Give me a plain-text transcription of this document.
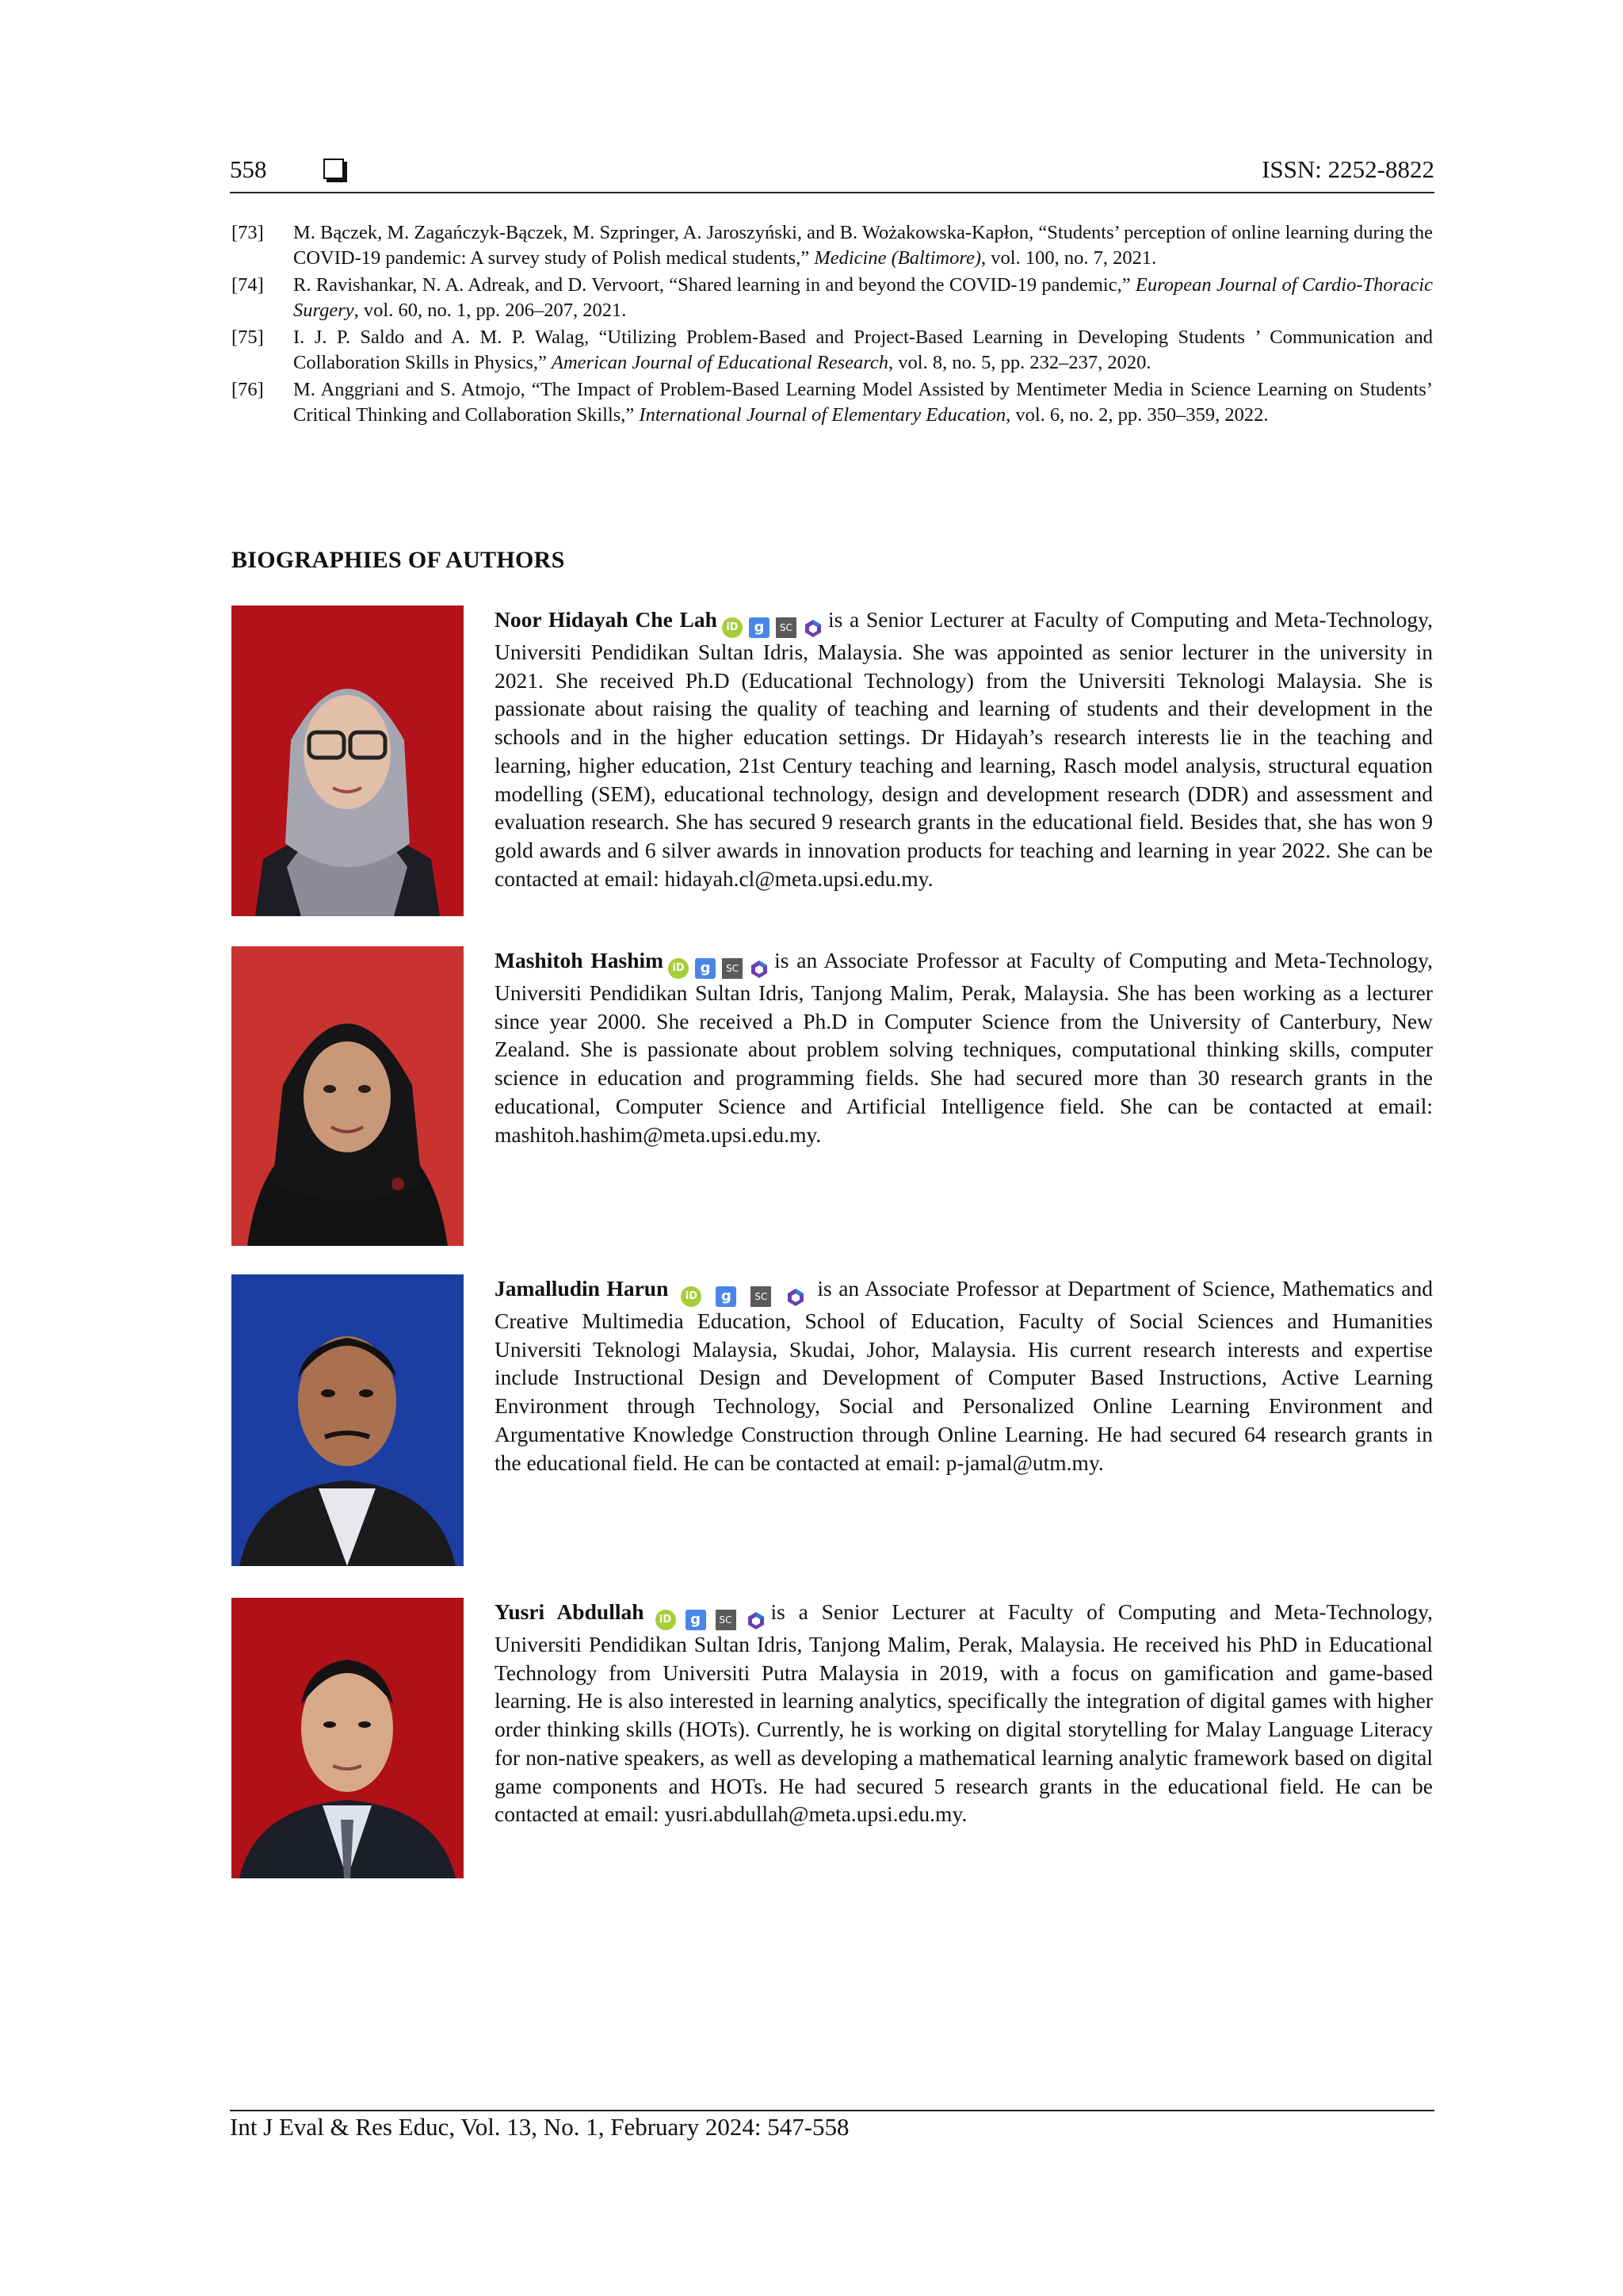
558	ISSN: 2252-8822
[73]	M. Bączek, M. Zagańczyk-Bączek, M. Szpringer, A. Jaroszyński, and B. Wożakowska-Kapłon, “Students’ perception of online learning during the COVID-19 pandemic: A survey study of Polish medical students,” Medicine (Baltimore), vol. 100, no. 7, 2021.
[74]	R. Ravishankar, N. A. Adreak, and D. Vervoort, “Shared learning in and beyond the COVID-19 pandemic,” European Journal of Cardio-Thoracic Surgery, vol. 60, no. 1, pp. 206–207, 2021.
[75]	I. J. P. Saldo and A. M. P. Walag, “Utilizing Problem-Based and Project-Based Learning in Developing Students ’ Communication and Collaboration Skills in Physics,” American Journal of Educational Research, vol. 8, no. 5, pp. 232–237, 2020.
[76]	M. Anggriani and S. Atmojo, “The Impact of Problem-Based Learning Model Assisted by Mentimeter Media in Science Learning on Students’ Critical Thinking and Collaboration Skills,” International Journal of Elementary Education, vol. 6, no. 2, pp. 350–359, 2022.
BIOGRAPHIES OF AUTHORS
Noor Hidayah Che Lah iD	g	SC is a Senior Lecturer at Faculty of Computing and Meta-Technology, Universiti Pendidikan Sultan Idris, Malaysia. She was appointed as senior lecturer in the university in 2021. She received Ph.D (Educational Technology) from the Universiti Teknologi Malaysia. She is passionate about raising the quality of teaching and learning of students and their development in the schools and in the higher education settings. Dr Hidayah’s research interests lie in the teaching and learning, higher education, 21st Century teaching and learning, Rasch model analysis, structural equation modelling (SEM), educational technology, design and development research (DDR) and assessment and evaluation research. She has secured 9 research grants in the educational field. Besides that, she has won 9 gold awards and 6 silver awards in innovation products for teaching and learning in year 2022. She can be contacted at email: hidayah.cl@meta.upsi.edu.my.
Mashitoh Hashim iD	g	SC is an Associate Professor at Faculty of Computing and Meta-Technology, Universiti Pendidikan Sultan Idris, Tanjong Malim, Perak, Malaysia. She has been working as a lecturer since year 2000. She received a Ph.D in Computer Science from the University of Canterbury, New Zealand. She is passionate about problem solving techniques, computational thinking skills, computer science in education and programming fields. She had secured more than 30 research grants in the educational, Computer Science and Artificial Intelligence field. She can be contacted at email: mashitoh.hashim@meta.upsi.edu.my.
Jamalludin Harun	iD	g	SC is an Associate Professor at Department of Science, Mathematics and Creative Multimedia Education, School of Education, Faculty of Social Sciences and Humanities Universiti Teknologi Malaysia, Skudai, Johor, Malaysia. His current research interests and expertise include Instructional Design and Development of Computer Based Instructions, Active Learning Environment through Technology, Social and Personalized Online Learning Environment and Argumentative Knowledge Construction through Online Learning. He had secured 64 research grants in the educational field. He can be contacted at email: p-jamal@utm.my.
Yusri Abdullah	iD	g	SC is a Senior Lecturer at Faculty of Computing and Meta-Technology, Universiti Pendidikan Sultan Idris, Tanjong Malim, Perak, Malaysia. He received his PhD in Educational Technology from Universiti Putra Malaysia in 2019, with a focus on gamification and game-based learning. He is also interested in learning analytics, specifically the integration of digital games with higher order thinking skills (HOTs). Currently, he is working on digital storytelling for Malay Language Literacy for non-native speakers, as well as developing a mathematical learning analytic framework based on digital game components and HOTs. He had secured 5 research grants in the educational field. He can be contacted at email: yusri.abdullah@meta.upsi.edu.my.
Int J Eval & Res Educ, Vol. 13, No. 1, February 2024: 547-558
